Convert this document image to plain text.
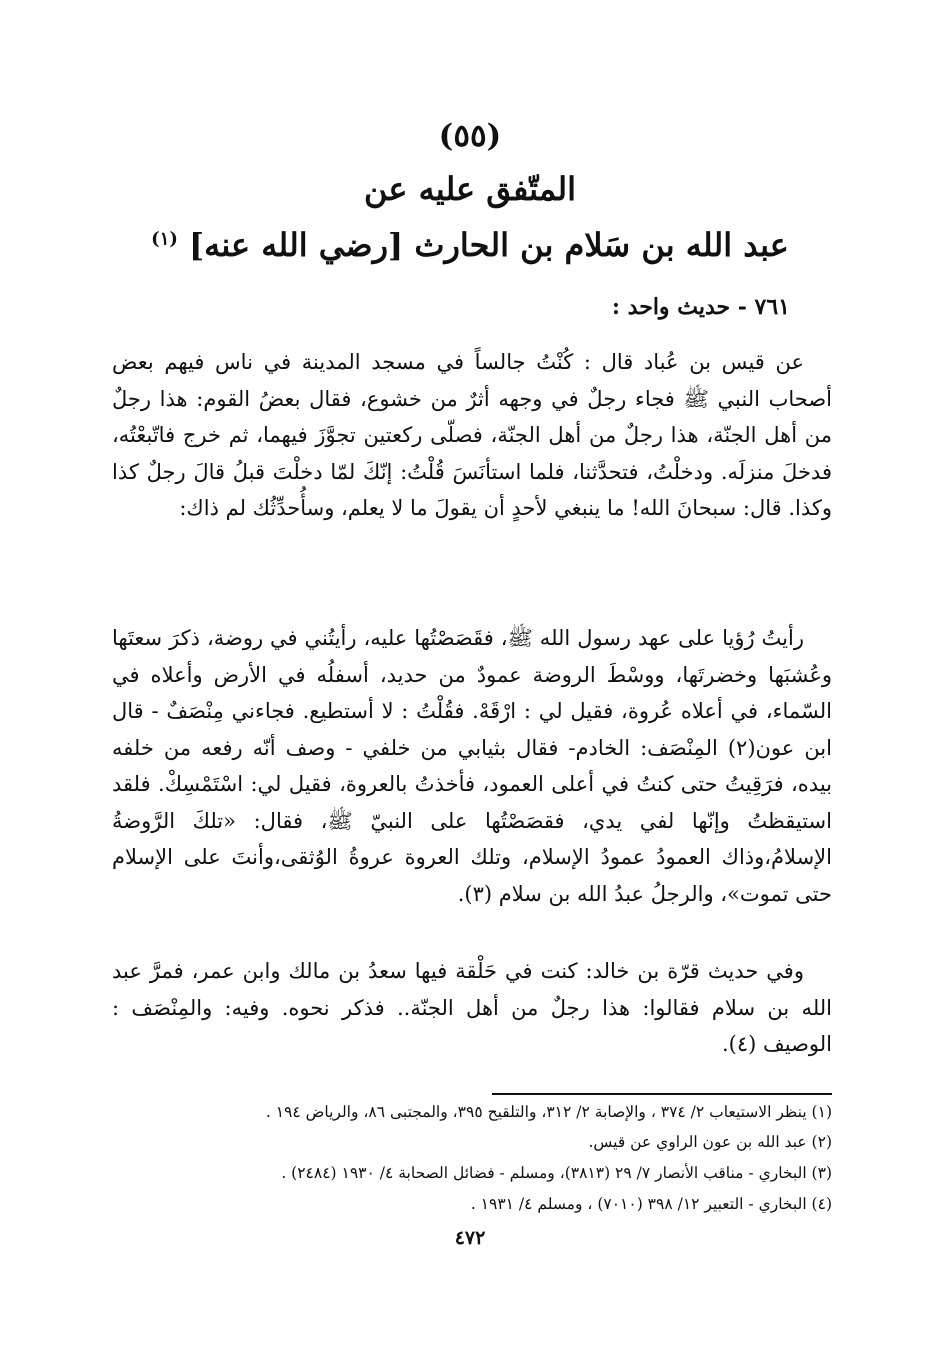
(٥٥)
المتّفق عليه عن
عبد الله بن سَلام بن الحارث [رضي الله عنه] $^{(١)}$
٧٦١ - حديث واحد :
عن قيس بن عُباد قال : كُنْتُ جالساً في مسجد المدينة في ناس فيهم بعض أصحاب النبي ﷺ فجاء رجلٌ في وجهه أثرٌ من خشوع، فقال بعضُ القوم: هذا رجلٌ من أهل الجنّة، هذا رجلٌ من أهل الجنّة، فصلّى ركعتين تجوَّزَ فيهما، ثم خرج فاتّبعْتُه، فدخلَ منزلَه. ودخلْتُ، فتحدَّثنا، فلما استأنَسَ قُلْتُ: إنّكَ لمّا دخلْتَ قبلُ قالَ رجلٌ كذا وكذا. قال: سبحانَ الله! ما ينبغي لأحدٍ أن يقولَ ما لا يعلم، وسأُحدِّثُك لم ذاك:
رأيتُ رُؤيا على عهد رسول الله ﷺ، فقَصَصْتُها عليه، رأيتُني في روضة، ذكرَ سعتَها وعُشبَها وخضرتَها، ووسْطَ الروضة عمودٌ من حديد، أسفلُه في الأرض وأعلاه في السّماء، في أعلاه عُروة، فقيل لي : ارْقَهْ. فقُلْتُ : لا أستطيع. فجاءني مِنْصَفٌ - قال ابن عون(٢) المِنْصَف: الخادم- فقال بثيابي من خلفي - وصف أنّه رفعه من خلفه بيده، فرَقِيتُ حتى كنتُ في أعلى العمود، فأخذتُ بالعروة، فقيل لي: اسْتَمْسِكْ. فلقد استيقظتُ وإنّها لفي يدي، فقصَصْتُها على النبيّ ﷺ، فقال: «تلكَ الرَّوضةُ الإسلامُ،وذاك العمودُ عمودُ الإسلام، وتلك العروة عروةُ الوُثقى،وأنتَ على الإسلام حتى تموت»، والرجلُ عبدُ الله بن سلام (٣).
وفي حديث قرّة بن خالد: كنت في حَلْقة فيها سعدُ بن مالك وابن عمر، فمرَّ عبد الله بن سلام فقالوا: هذا رجلٌ من أهل الجنّة.. فذكر نحوه. وفيه: والمِنْصَف : الوصيف (٤).
(١) ينظر الاستيعاب ٢/ ٣٧٤ ، والإصابة ٢/ ٣١٢، والتلقيح ٣٩٥، والمجتبى ٨٦، والرياض ١٩٤ .
(٢) عبد الله بن عون الراوي عن قيس.
(٣) البخاري - مناقب الأنصار ٧/ ٢٩ (٣٨١٣)، ومسلم - فضائل الصحابة ٤/ ١٩٣٠ (٢٤٨٤) .
(٤) البخاري - التعبير ١٢/ ٣٩٨ (٧٠١٠) ، ومسلم ٤/ ١٩٣١ .
٤٧٢
